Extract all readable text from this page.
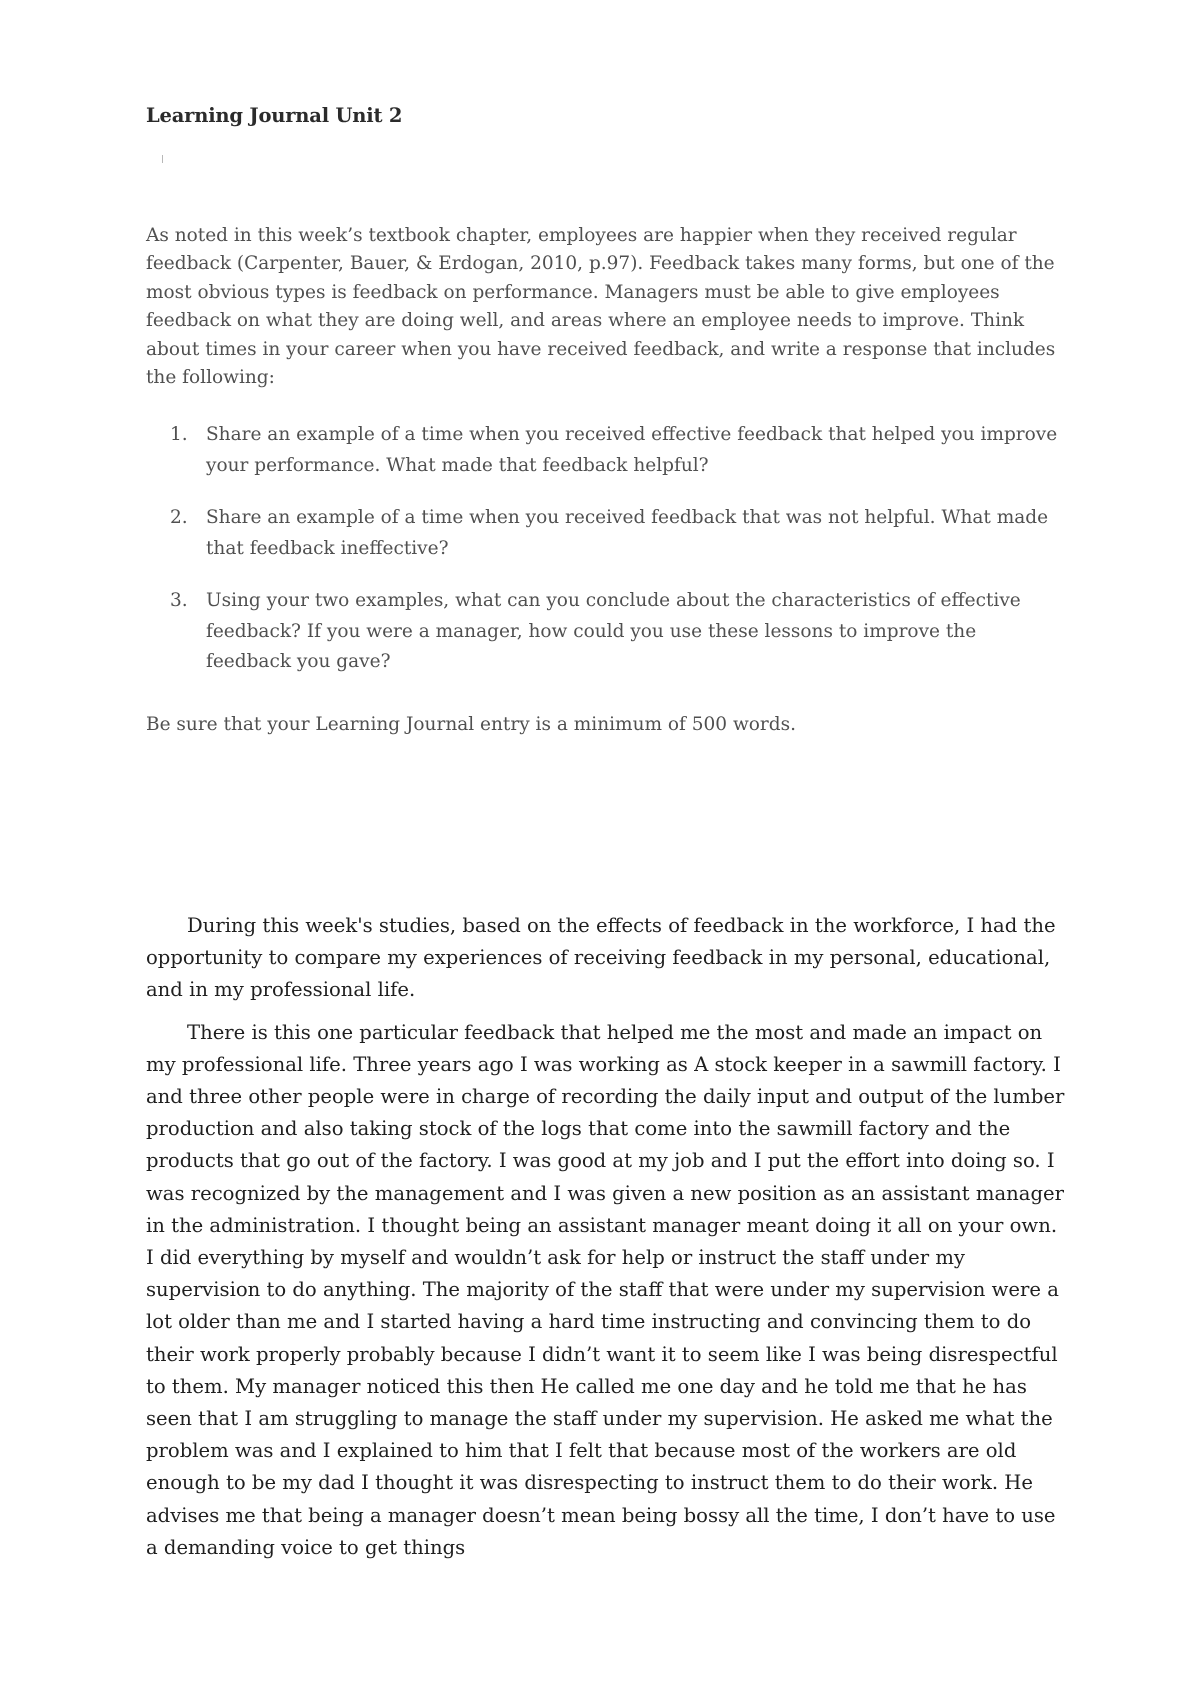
Learning Journal Unit 2

As noted in this week’s textbook chapter, employees are happier when they received regular feedback (Carpenter, Bauer, & Erdogan, 2010, p.97). Feedback takes many forms, but one of the most obvious types is feedback on performance. Managers must be able to give employees feedback on what they are doing well, and areas where an employee needs to improve. Think about times in your career when you have received feedback, and write a response that includes the following:

1. Share an example of a time when you received effective feedback that helped you improve your performance. What made that feedback helpful?
2. Share an example of a time when you received feedback that was not helpful. What made that feedback ineffective?
3. Using your two examples, what can you conclude about the characteristics of effective feedback? If you were a manager, how could you use these lessons to improve the feedback you gave?

Be sure that your Learning Journal entry is a minimum of 500 words.

During this week's studies, based on the effects of feedback in the workforce, I had the opportunity to compare my experiences of receiving feedback in my personal, educational, and in my professional life.

There is this one particular feedback that helped me the most and made an impact on my professional life. Three years ago I was working as A stock keeper in a sawmill factory. I and three other people were in charge of recording the daily input and output of the lumber production and also taking stock of the logs that come into the sawmill factory and the products that go out of the factory. I was good at my job and I put the effort into doing so. I was recognized by the management and I was given a new position as an assistant manager in the administration. I thought being an assistant manager meant doing it all on your own. I did everything by myself and wouldn’t ask for help or instruct the staff under my supervision to do anything. The majority of the staff that were under my supervision were a lot older than me and I started having a hard time instructing and convincing them to do their work properly probably because I didn’t want it to seem like I was being disrespectful to them. My manager noticed this then He called me one day and he told me that he has seen that I am struggling to manage the staff under my supervision. He asked me what the problem was and I explained to him that I felt that because most of the workers are old enough to be my dad I thought it was disrespecting to instruct them to do their work. He advises me that being a manager doesn’t mean being bossy all the time, I don’t have to use a demanding voice to get things
